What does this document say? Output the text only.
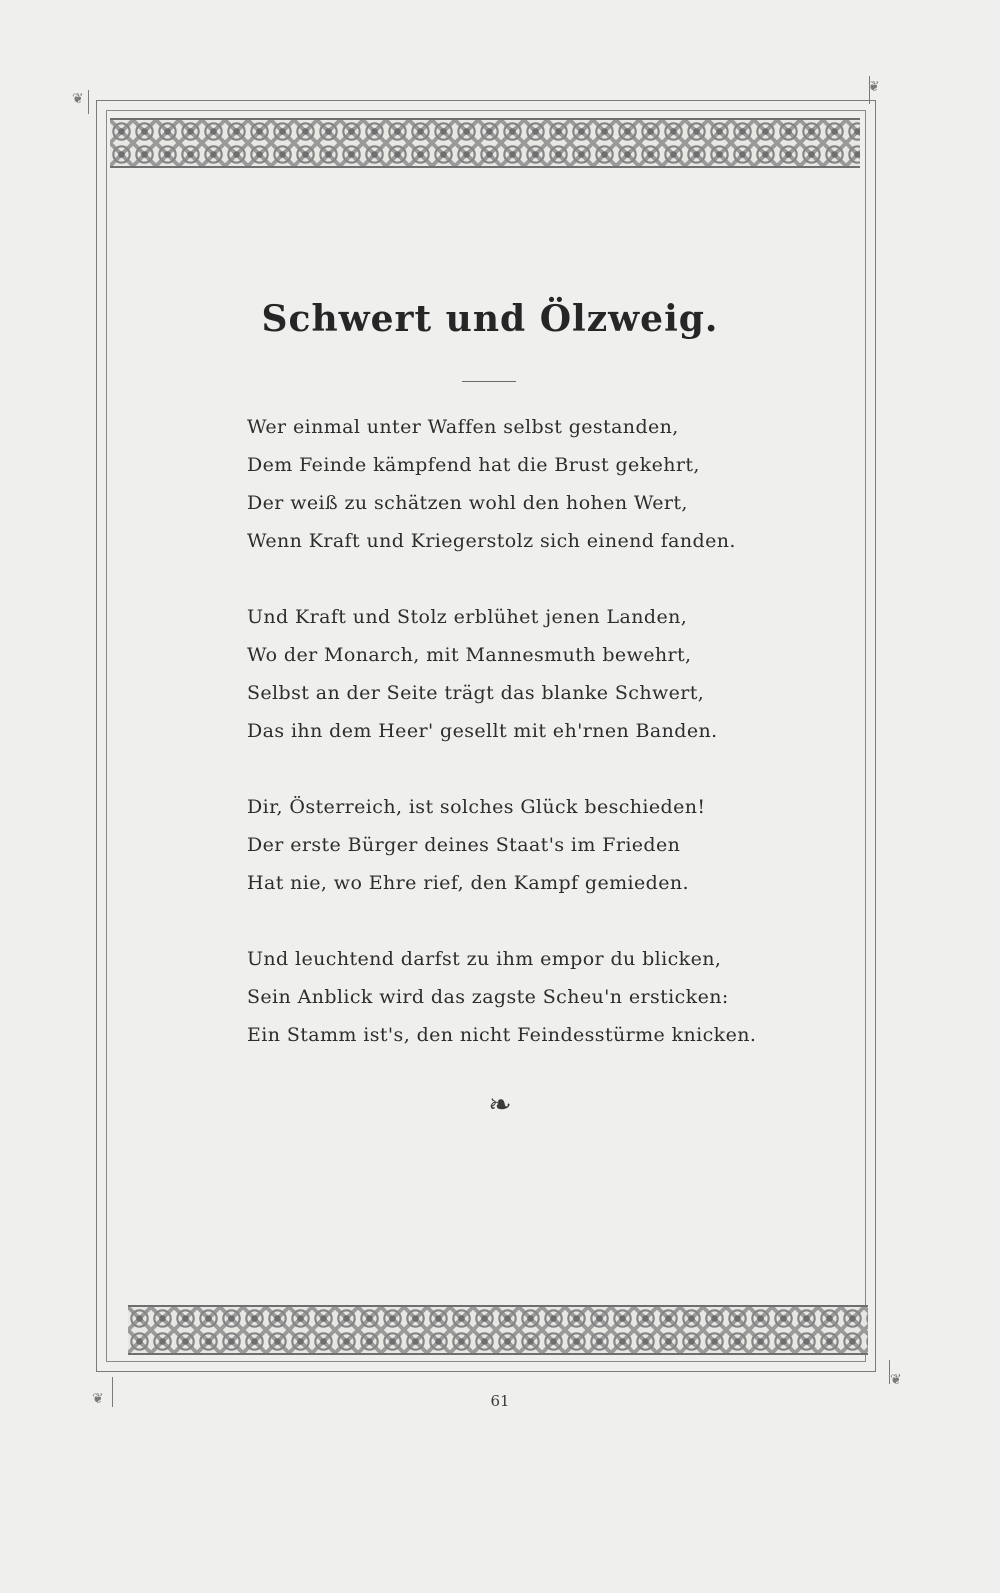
❦
❦
❦
❦
Schwert und Ölzweig.
Wer einmal unter Waffen selbst gestanden,
Dem Feinde kämpfend hat die Brust gekehrt,
Der weiß zu schätzen wohl den hohen Wert,
Wenn Kraft und Kriegerstolz sich einend fanden.
Und Kraft und Stolz erblühet jenen Landen,
Wo der Monarch, mit Mannesmuth bewehrt,
Selbst an der Seite trägt das blanke Schwert,
Das ihn dem Heer' gesellt mit eh'rnen Banden.
Dir, Österreich, ist solches Glück beschieden!
Der erste Bürger deines Staat's im Frieden
Hat nie, wo Ehre rief, den Kampf gemieden.
Und leuchtend darfst zu ihm empor du blicken,
Sein Anblick wird das zagste Scheu'n ersticken:
Ein Stamm ist's, den nicht Feindesstürme knicken.
❧
61
